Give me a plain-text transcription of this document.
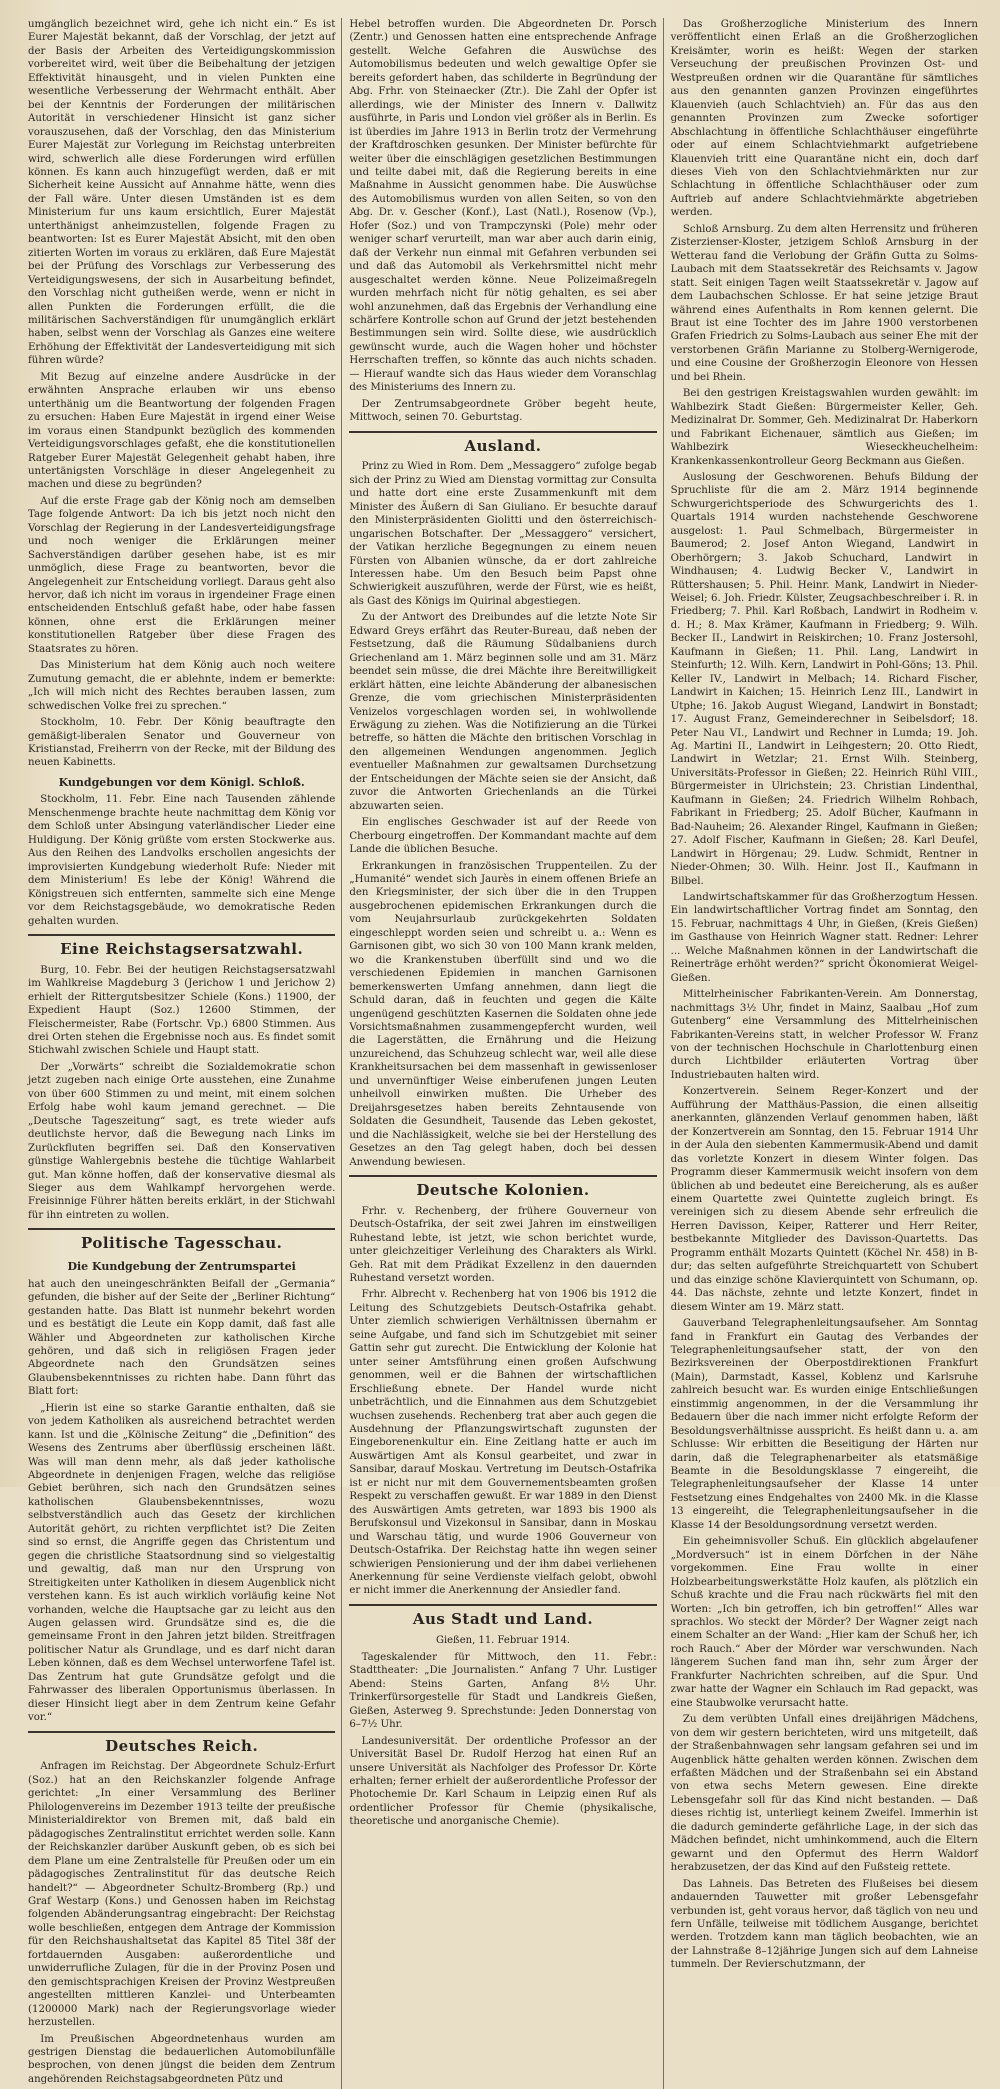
umgänglich bezeichnet wird, gehe ich nicht ein.“ Es ist Eurer Majestät bekannt, daß der Vorschlag, der jetzt auf der Basis der Arbeiten des Verteidigungskommission vorbereitet wird, weit über die Beibehaltung der jetzigen Effektivität hinausgeht, und in vielen Punkten eine wesentliche Verbesserung der Wehrmacht enthält. Aber bei der Kenntnis der Forderungen der militärischen Autorität in verschiedener Hinsicht ist ganz sicher vorauszusehen, daß der Vorschlag, den das Ministerium Eurer Majestät zur Vorlegung im Reichstag unterbreiten wird, schwerlich alle diese Forderungen wird erfüllen können. Es kann auch hinzugefügt werden, daß er mit Sicherheit keine Aussicht auf Annahme hätte, wenn dies der Fall wäre. Unter diesen Umständen ist es dem Ministerium fur uns kaum ersichtlich, Eurer Majestät unterthänigst anheimzustellen, folgende Fragen zu beantworten: Ist es Eurer Majestät Absicht, mit den oben zitierten Worten im voraus zu erklären, daß Eure Majestät bei der Prüfung des Vorschlags zur Verbesserung des Verteidigungswesens, der sich in Ausarbeitung befindet, den Vorschlag nicht gutheißen werde, wenn er nicht in allen Punkten die Forderungen erfüllt, die die militärischen Sachverständigen für unumgänglich erklärt haben, selbst wenn der Vorschlag als Ganzes eine weitere Erhöhung der Effektivität der Landesverteidigung mit sich führen würde?

Mit Bezug auf einzelne andere Ausdrücke in der erwähnten Ansprache erlauben wir uns ebenso unterthänig um die Beantwortung der folgenden Fragen zu ersuchen: Haben Eure Majestät in irgend einer Weise im voraus einen Standpunkt bezüglich des kommenden Verteidigungsvorschlages gefaßt, ehe die konstitutionellen Ratgeber Eurer Majestät Gelegenheit gehabt haben, ihre untertänigsten Vorschläge in dieser Angelegenheit zu machen und diese zu begründen?

Auf die erste Frage gab der König noch am demselben Tage folgende Antwort: Da ich bis jetzt noch nicht den Vorschlag der Regierung in der Landesverteidigungsfrage und noch weniger die Erklärungen meiner Sachverständigen darüber gesehen habe, ist es mir unmöglich, diese Frage zu beantworten, bevor die Angelegenheit zur Entscheidung vorliegt. Daraus geht also hervor, daß ich nicht im voraus in irgendeiner Frage einen entscheidenden Entschluß gefaßt habe, oder habe fassen können, ohne erst die Erklärungen meiner konstitutionellen Ratgeber über diese Fragen des Staatsrates zu hören.

Das Ministerium hat dem König auch noch weitere Zumutung gemacht, die er ablehnte, indem er bemerkte: „Ich will mich nicht des Rechtes berauben lassen, zum schwedischen Volke frei zu sprechen.“

Stockholm, 10. Febr. Der König beauftragte den gemäßigt-liberalen Senator und Gouverneur von Kristianstad, Freiherrn von der Recke, mit der Bildung des neuen Kabinetts.

Kundgebungen vor dem Königl. Schloß.

Stockholm, 11. Febr. Eine nach Tausenden zählende Menschenmenge brachte heute nachmittag dem König vor dem Schloß unter Absingung vaterländischer Lieder eine Huldigung. Der König grüßte vom ersten Stockwerke aus. Aus den Reihen des Landvolks erschollen angesichts der improvisierten Kundgebung wiederholt Rufe: Nieder mit dem Ministerium! Es lebe der König! Während die Königstreuen sich entfernten, sammelte sich eine Menge vor dem Reichstagsgebäude, wo demokratische Reden gehalten wurden.

Eine Reichstagsersatzwahl.

Burg, 10. Febr. Bei der heutigen Reichstagsersatzwahl im Wahlkreise Magdeburg 3 (Jerichow 1 und Jerichow 2) erhielt der Rittergutsbesitzer Schiele (Kons.) 11900, der Expedient Haupt (Soz.) 12600 Stimmen, der Fleischermeister, Rabe (Fortschr. Vp.) 6800 Stimmen. Aus drei Orten stehen die Ergebnisse noch aus. Es findet somit Stichwahl zwischen Schiele und Haupt statt.

Der „Vorwärts“ schreibt die Sozialdemokratie schon jetzt zugeben nach einige Orte ausstehen, eine Zunahme von über 600 Stimmen zu und meint, mit einem solchen Erfolg habe wohl kaum jemand gerechnet. — Die „Deutsche Tageszeitung“ sagt, es trete wieder aufs deutlichste hervor, daß die Bewegung nach Links im Zurückfluten begriffen sei. Daß den Konservativen günstige Wahlergebnis bestehe die tüchtige Wahlarbeit gut. Man könne hoffen, daß der konservative diesmal als Sieger aus dem Wahlkampf hervorgehen werde. Freisinnige Führer hätten bereits erklärt, in der Stichwahl für ihn eintreten zu wollen.

Politische Tagesschau.
Die Kundgebung der Zentrumspartei

hat auch den uneingeschränkten Beifall der „Germania“ gefunden, die bisher auf der Seite der „Berliner Richtung“ gestanden hatte. Das Blatt ist nunmehr bekehrt worden und es bestätigt die Leute ein Kopp damit, daß fast alle Wähler und Abgeordneten zur katholischen Kirche gehören, und daß sich in religiösen Fragen jeder Abgeordnete nach den Grundsätzen seines Glaubensbekenntnisses zu richten habe. Dann führt das Blatt fort:

„Hierin ist eine so starke Garantie enthalten, daß sie von jedem Katholiken als ausreichend betrachtet werden kann. Ist und die „Kölnische Zeitung“ die „Definition“ des Wesens des Zentrums aber überflüssig erscheinen läßt. Was will man denn mehr, als daß jeder katholische Abgeordnete in denjenigen Fragen, welche das religiöse Gebiet berühren, sich nach den Grundsätzen seines katholischen Glaubensbekenntnisses, wozu selbstverständlich auch das Gesetz der kirchlichen Autorität gehört, zu richten verpflichtet ist? Die Zeiten sind so ernst, die Angriffe gegen das Christentum und gegen die christliche Staatsordnung sind so vielgestaltig und gewaltig, daß man nur den Ursprung von Streitigkeiten unter Katholiken in diesem Augenblick nicht verstehen kann. Es ist auch wirklich vorläufig keine Not vorhanden, welche die Hauptsache gar zu leicht aus den Augen gelassen wird. Grundsätze sind es, die die gemeinsame Front in den Jahren jetzt bilden. Streitfragen politischer Natur als Grundlage, und es darf nicht daran Leben können, daß es dem Wechsel unterworfene Tafel ist. Das Zentrum hat gute Grundsätze gefolgt und die Fahrwasser des liberalen Opportunismus überlassen. In dieser Hinsicht liegt aber in dem Zentrum keine Gefahr vor.“

Deutsches Reich.

Anfragen im Reichstag. Der Abgeordnete Schulz-Erfurt (Soz.) hat an den Reichskanzler folgende Anfrage gerichtet: „In einer Versammlung des Berliner Philologenvereins im Dezember 1913 teilte der preußische Ministerialdirektor von Bremen mit, daß bald ein pädagogisches Zentralinstitut errichtet werden solle. Kann der Reichskanzler darüber Auskunft geben, ob es sich bei dem Plane um eine Zentralstelle für Preußen oder um ein pädagogisches Zentralinstitut für das deutsche Reich handelt?“ — Abgeordneter Schultz-Bromberg (Rp.) und Graf Westarp (Kons.) und Genossen haben im Reichstag folgenden Abänderungsantrag eingebracht: Der Reichstag wolle beschließen, entgegen dem Antrage der Kommission für den Reichshaushaltsetat das Kapitel 85 Titel 38f der fortdauernden Ausgaben: außerordentliche und unwiderrufliche Zulagen, für die in der Provinz Posen und den gemischtsprachigen Kreisen der Provinz Westpreußen angestellten mittleren Kanzlei- und Unterbeamten (1200000 Mark) nach der Regierungsvorlage wieder herzustellen.

Im Preußischen Abgeordnetenhaus wurden am gestrigen Dienstag die bedauerlichen Automobilunfälle besprochen, von denen jüngst die beiden dem Zentrum angehörenden Reichstagsabgeordneten Pütz und

Hebel betroffen wurden. Die Abgeordneten Dr. Porsch (Zentr.) und Genossen hatten eine entsprechende Anfrage gestellt. Welche Gefahren die Auswüchse des Automobilismus bedeuten und welch gewaltige Opfer sie bereits gefordert haben, das schilderte in Begründung der Abg. Frhr. von Steinaecker (Ztr.). Die Zahl der Opfer ist allerdings, wie der Minister des Innern v. Dallwitz ausführte, in Paris und London viel größer als in Berlin. Es ist überdies im Jahre 1913 in Berlin trotz der Vermehrung der Kraftdroschken gesunken. Der Minister befürchte für weiter über die einschlägigen gesetzlichen Bestimmungen und teilte dabei mit, daß die Regierung bereits in eine Maßnahme in Aussicht genommen habe. Die Auswüchse des Automobilismus wurden von allen Seiten, so von den Abg. Dr. v. Gescher (Konf.), Last (Natl.), Rosenow (Vp.), Hofer (Soz.) und von Trampczynski (Pole) mehr oder weniger scharf verurteilt, man war aber auch darin einig, daß der Verkehr nun einmal mit Gefahren verbunden sei und daß das Automobil als Verkehrsmittel nicht mehr ausgeschaltet werden könne. Neue Polizeimaßregeln wurden mehrfach nicht für nötig gehalten, es sei aber wohl anzunehmen, daß das Ergebnis der Verhandlung eine schärfere Kontrolle schon auf Grund der jetzt bestehenden Bestimmungen sein wird. Sollte diese, wie ausdrücklich gewünscht wurde, auch die Wagen hoher und höchster Herrschaften treffen, so könnte das auch nichts schaden. — Hierauf wandte sich das Haus wieder dem Voranschlag des Ministeriums des Innern zu.

Der Zentrumsabgeordnete Gröber begeht heute, Mittwoch, seinen 70. Geburtstag.

Ausland.

Prinz zu Wied in Rom. Dem „Messaggero“ zufolge begab sich der Prinz zu Wied am Dienstag vormittag zur Consulta und hatte dort eine erste Zusammenkunft mit dem Minister des Äußern di San Giuliano. Er besuchte darauf den Ministerpräsidenten Giolitti und den österreichisch-ungarischen Botschafter. Der „Messaggero“ versichert, der Vatikan herzliche Begegnungen zu einem neuen Fürsten von Albanien wünsche, da er dort zahlreiche Interessen habe. Um den Besuch beim Papst ohne Schwierigkeit auszuführen, werde der Fürst, wie es heißt, als Gast des Königs im Quirinal abgestiegen.

Zu der Antwort des Dreibundes auf die letzte Note Sir Edward Greys erfährt das Reuter-Bureau, daß neben der Festsetzung, daß die Räumung Südalbaniens durch Griechenland am 1. März beginnen solle und am 31. März beendet sein müsse, die drei Mächte ihre Bereitwilligkeit erklärt hätten, eine leichte Abänderung der albanesischen Grenze, die vom griechischen Ministerpräsidenten Venizelos vorgeschlagen worden sei, in wohlwollende Erwägung zu ziehen. Was die Notifizierung an die Türkei betreffe, so hätten die Mächte den britischen Vorschlag in den allgemeinen Wendungen angenommen. Jeglich eventueller Maßnahmen zur gewaltsamen Durchsetzung der Entscheidungen der Mächte seien sie der Ansicht, daß zuvor die Antworten Griechenlands an die Türkei abzuwarten seien.

Ein englisches Geschwader ist auf der Reede von Cherbourg eingetroffen. Der Kommandant machte auf dem Lande die üblichen Besuche.

Erkrankungen in französischen Truppenteilen. Zu der „Humanité“ wendet sich Jaurès in einem offenen Briefe an den Kriegsminister, der sich über die in den Truppen ausgebrochenen epidemischen Erkrankungen durch die vom Neujahrsurlaub zurückgekehrten Soldaten eingeschleppt worden seien und schreibt u. a.: Wenn es Garnisonen gibt, wo sich 30 von 100 Mann krank melden, wo die Krankenstuben überfüllt sind und wo die verschiedenen Epidemien in manchen Garnisonen bemerkenswerten Umfang annehmen, dann liegt die Schuld daran, daß in feuchten und gegen die Kälte ungenügend geschützten Kasernen die Soldaten ohne jede Vorsichtsmaßnahmen zusammengepfercht wurden, weil die Lagerstätten, die Ernährung und die Heizung unzureichend, das Schuhzeug schlecht war, weil alle diese Krankheitsursachen bei dem massenhaft in gewissenloser und unvernünftiger Weise einberufenen jungen Leuten unheilvoll einwirken mußten. Die Urheber des Dreijahrsgesetzes haben bereits Zehntausende von Soldaten die Gesundheit, Tausende das Leben gekostet, und die Nachlässigkeit, welche sie bei der Herstellung des Gesetzes an den Tag gelegt haben, doch bei dessen Anwendung bewiesen.

Deutsche Kolonien.

Frhr. v. Rechenberg, der frühere Gouverneur von Deutsch-Ostafrika, der seit zwei Jahren im einstweiligen Ruhestand lebte, ist jetzt, wie schon berichtet wurde, unter gleichzeitiger Verleihung des Charakters als Wirkl. Geh. Rat mit dem Prädikat Exzellenz in den dauernden Ruhestand versetzt worden.

Frhr. Albrecht v. Rechenberg hat von 1906 bis 1912 die Leitung des Schutzgebiets Deutsch-Ostafrika gehabt. Unter ziemlich schwierigen Verhältnissen übernahm er seine Aufgabe, und fand sich im Schutzgebiet mit seiner Gattin sehr gut zurecht. Die Entwicklung der Kolonie hat unter seiner Amtsführung einen großen Aufschwung genommen, weil er die Bahnen der wirtschaftlichen Erschließung ebnete. Der Handel wurde nicht unbeträchtlich, und die Einnahmen aus dem Schutzgebiet wuchsen zusehends. Rechenberg trat aber auch gegen die Ausdehnung der Pflanzungswirtschaft zugunsten der Eingeborenenkultur ein. Eine Zeitlang hatte er auch im Auswärtigen Amt als Konsul gearbeitet, und zwar in Sansibar, darauf Moskau. Vertretung im Deutsch-Ostafrika ist er nicht nur mit dem Gouvernementsbeamten großen Respekt zu verschaffen gewußt. Er war 1889 in den Dienst des Auswärtigen Amts getreten, war 1893 bis 1900 als Berufskonsul und Vizekonsul in Sansibar, dann in Moskau und Warschau tätig, und wurde 1906 Gouverneur von Deutsch-Ostafrika. Der Reichstag hatte ihn wegen seiner schwierigen Pensionierung und der ihm dabei verliehenen Anerkennung für seine Verdienste vielfach gelobt, obwohl er nicht immer die Anerkennung der Ansiedler fand.

Aus Stadt und Land.
Gießen, 11. Februar 1914.

Tageskalender für Mittwoch, den 11. Febr.: Stadttheater: „Die Journalisten.“ Anfang 7 Uhr. Lustiger Abend: Steins Garten, Anfang 8½ Uhr. Trinkerfürsorgestelle für Stadt und Landkreis Gießen, Gießen, Asterweg 9. Sprechstunde: Jeden Donnerstag von 6–7½ Uhr.

Landesuniversität. Der ordentliche Professor an der Universität Basel Dr. Rudolf Herzog hat einen Ruf an unsere Universität als Nachfolger des Professor Dr. Körte erhalten; ferner erhielt der außerordentliche Professor der Photochemie Dr. Karl Schaum in Leipzig einen Ruf als ordentlicher Professor für Chemie (physikalische, theoretische und anorganische Chemie).

Das Großherzogliche Ministerium des Innern veröffentlicht einen Erlaß an die Großherzoglichen Kreisämter, worin es heißt: Wegen der starken Verseuchung der preußischen Provinzen Ost- und Westpreußen ordnen wir die Quarantäne für sämtliches aus den genannten ganzen Provinzen eingeführtes Klauenvieh (auch Schlachtvieh) an. Für das aus den genannten Provinzen zum Zwecke sofortiger Abschlachtung in öffentliche Schlachthäuser eingeführte oder auf einem Schlachtviehmarkt aufgetriebene Klauenvieh tritt eine Quarantäne nicht ein, doch darf dieses Vieh von den Schlachtviehmärkten nur zur Schlachtung in öffentliche Schlachthäuser oder zum Auftrieb auf andere Schlachtviehmärkte abgetrieben werden.

Schloß Arnsburg. Zu dem alten Herrensitz und früheren Zisterzienser-Kloster, jetzigem Schloß Arnsburg in der Wetterau fand die Verlobung der Gräfin Gutta zu Solms-Laubach mit dem Staatssekretär des Reichsamts v. Jagow statt. Seit einigen Tagen weilt Staatssekretär v. Jagow auf dem Laubachschen Schlosse. Er hat seine jetzige Braut während eines Aufenthalts in Rom kennen gelernt. Die Braut ist eine Tochter des im Jahre 1900 verstorbenen Grafen Friedrich zu Solms-Laubach aus seiner Ehe mit der verstorbenen Gräfin Marianne zu Stolberg-Wernigerode, und eine Cousine der Großherzogin Eleonore von Hessen und bei Rhein.

Bei den gestrigen Kreistagswahlen wurden gewählt: im Wahlbezirk Stadt Gießen: Bürgermeister Keller, Geh. Medizinalrat Dr. Sommer, Geh. Medizinalrat Dr. Haberkorn und Fabrikant Eichenauer, sämtlich aus Gießen; im Wahlbezirk Wieseckheuchelheim: Krankenkassenkontrolleur Georg Beckmann aus Gießen.

Auslosung der Geschworenen. Behufs Bildung der Spruchliste für die am 2. März 1914 beginnende Schwurgerichtsperiode des Schwurgerichts des 1. Quartals 1914 wurden nachstehende Geschworene ausgelost: 1. Paul Schmelbach, Bürgermeister in Baumerod; 2. Josef Anton Wiegand, Landwirt in Oberhörgern; 3. Jakob Schuchard, Landwirt in Windhausen; 4. Ludwig Becker V., Landwirt in Rüttershausen; 5. Phil. Heinr. Mank, Landwirt in Nieder-Weisel; 6. Joh. Friedr. Külster, Zeugsachbeschreiber i. R. in Friedberg; 7. Phil. Karl Roßbach, Landwirt in Rodheim v. d. H.; 8. Max Krämer, Kaufmann in Friedberg; 9. Wilh. Becker II., Landwirt in Reiskirchen; 10. Franz Jostersohl, Kaufmann in Gießen; 11. Phil. Lang, Landwirt in Steinfurth; 12. Wilh. Kern, Landwirt in Pohl-Göns; 13. Phil. Keller IV., Landwirt in Melbach; 14. Richard Fischer, Landwirt in Kaichen; 15. Heinrich Lenz III., Landwirt in Utphe; 16. Jakob August Wiegand, Landwirt in Bonstadt; 17. August Franz, Gemeinderechner in Seibelsdorf; 18. Peter Nau VI., Landwirt und Rechner in Lumda; 19. Joh. Ag. Martini II., Landwirt in Leihgestern; 20. Otto Riedt, Landwirt in Wetzlar; 21. Ernst Wilh. Steinberg, Universitäts-Professor in Gießen; 22. Heinrich Rühl VIII., Bürgermeister in Ulrichstein; 23. Christian Lindenthal, Kaufmann in Gießen; 24. Friedrich Wilhelm Rohbach, Fabrikant in Friedberg; 25. Adolf Bücher, Kaufmann in Bad-Nauheim; 26. Alexander Ringel, Kaufmann in Gießen; 27. Adolf Fischer, Kaufmann in Gießen; 28. Karl Deufel, Landwirt in Hörgenau; 29. Ludw. Schmidt, Rentner in Nieder-Ohmen; 30. Wilh. Heinr. Jost II., Kaufmann in Bilbel.

Landwirtschaftskammer für das Großherzogtum Hessen. Ein landwirtschaftlicher Vortrag findet am Sonntag, den 15. Februar, nachmittags 4 Uhr, in Gießen, (Kreis Gießen) im Gasthause von Heinrich Wagner statt. Redner: Lehrer ... Welche Maßnahmen können in der Landwirtschaft die Reinerträge erhöht werden?“ spricht Ökonomierat Weigel-Gießen.

Mittelrheinischer Fabrikanten-Verein. Am Donnerstag, nachmittags 3½ Uhr, findet in Mainz, Saalbau „Hof zum Gutenberg“ eine Versammlung des Mittelrheinischen Fabrikanten-Vereins statt, in welcher Professor W. Franz von der technischen Hochschule in Charlottenburg einen durch Lichtbilder erläuterten Vortrag über Industriebauten halten wird.

Konzertverein. Seinem Reger-Konzert und der Aufführung der Matthäus-Passion, die einen allseitig anerkannten, glänzenden Verlauf genommen haben, läßt der Konzertverein am Sonntag, den 15. Februar 1914 Uhr in der Aula den siebenten Kammermusik-Abend und damit das vorletzte Konzert in diesem Winter folgen. Das Programm dieser Kammermusik weicht insofern von dem üblichen ab und bedeutet eine Bereicherung, als es außer einem Quartette zwei Quintette zugleich bringt. Es vereinigen sich zu diesem Abende sehr erfreulich die Herren Davisson, Keiper, Ratterer und Herr Reiter, bestbekannte Mitglieder des Davisson-Quartetts. Das Programm enthält Mozarts Quintett (Köchel Nr. 458) in B-dur; das selten aufgeführte Streichquartett von Schubert und das einzige schöne Klavierquintett von Schumann, op. 44. Das nächste, zehnte und letzte Konzert, findet in diesem Winter am 19. März statt.

Gauverband Telegraphenleitungsaufseher. Am Sonntag fand in Frankfurt ein Gautag des Verbandes der Telegraphenleitungsaufseher statt, der von den Bezirksvereinen der Oberpostdirektionen Frankfurt (Main), Darmstadt, Kassel, Koblenz und Karlsruhe zahlreich besucht war. Es wurden einige Entschließungen einstimmig angenommen, in der die Versammlung ihr Bedauern über die nach immer nicht erfolgte Reform der Besoldungsverhältnisse ausspricht. Es heißt dann u. a. am Schlusse: Wir erbitten die Beseitigung der Härten nur darin, daß die Telegraphenarbeiter als etatsmäßige Beamte in die Besoldungsklasse 7 eingereiht, die Telegraphenleitungsaufseher der Klasse 14 unter Festsetzung eines Endgehaltes von 2400 Mk. in die Klasse 13 eingereiht, die Telegraphenleitungsaufseher in die Klasse 14 der Besoldungsordnung versetzt werden.

Ein geheimnisvoller Schuß. Ein glücklich abgelaufener „Mordversuch“ ist in einem Dörfchen in der Nähe vorgekommen. Eine Frau wollte in einer Holzbearbeitungswerkstätte Holz kaufen, als plötzlich ein Schuß krachte und die Frau nach rückwärts fiel mit den Worten: „Ich bin getroffen, ich bin getroffen!“ Alles war sprachlos. Wo steckt der Mörder? Der Wagner zeigt nach einem Schalter an der Wand: „Hier kam der Schuß her, ich roch Rauch.“ Aber der Mörder war verschwunden. Nach längerem Suchen fand man ihn, sehr zum Ärger der Frankfurter Nachrichten schreiben, auf die Spur. Und zwar hatte der Wagner ein Schlauch im Rad gepackt, was eine Staubwolke verursacht hatte.

Zu dem verübten Unfall eines dreijährigen Mädchens, von dem wir gestern berichteten, wird uns mitgeteilt, daß der Straßenbahnwagen sehr langsam gefahren sei und im Augenblick hätte gehalten werden können. Zwischen dem erfaßten Mädchen und der Straßenbahn sei ein Abstand von etwa sechs Metern gewesen. Eine direkte Lebensgefahr soll für das Kind nicht bestanden. — Daß dieses richtig ist, unterliegt keinem Zweifel. Immerhin ist die dadurch geminderte gefährliche Lage, in der sich das Mädchen befindet, nicht umhinkommend, auch die Eltern gewarnt und den Opfermut des Herrn Waldorf herabzusetzen, der das Kind auf den Fußsteig rettete.

Das Lahneis. Das Betreten des Flußeises bei diesem andauernden Tauwetter mit großer Lebensgefahr verbunden ist, geht voraus hervor, daß täglich von neu und fern Unfälle, teilweise mit tödlichem Ausgange, berichtet werden. Trotzdem kann man täglich beobachten, wie an der Lahnstraße 8–12jährige Jungen sich auf dem Lahneise tummeln. Der Revierschutzmann, der
